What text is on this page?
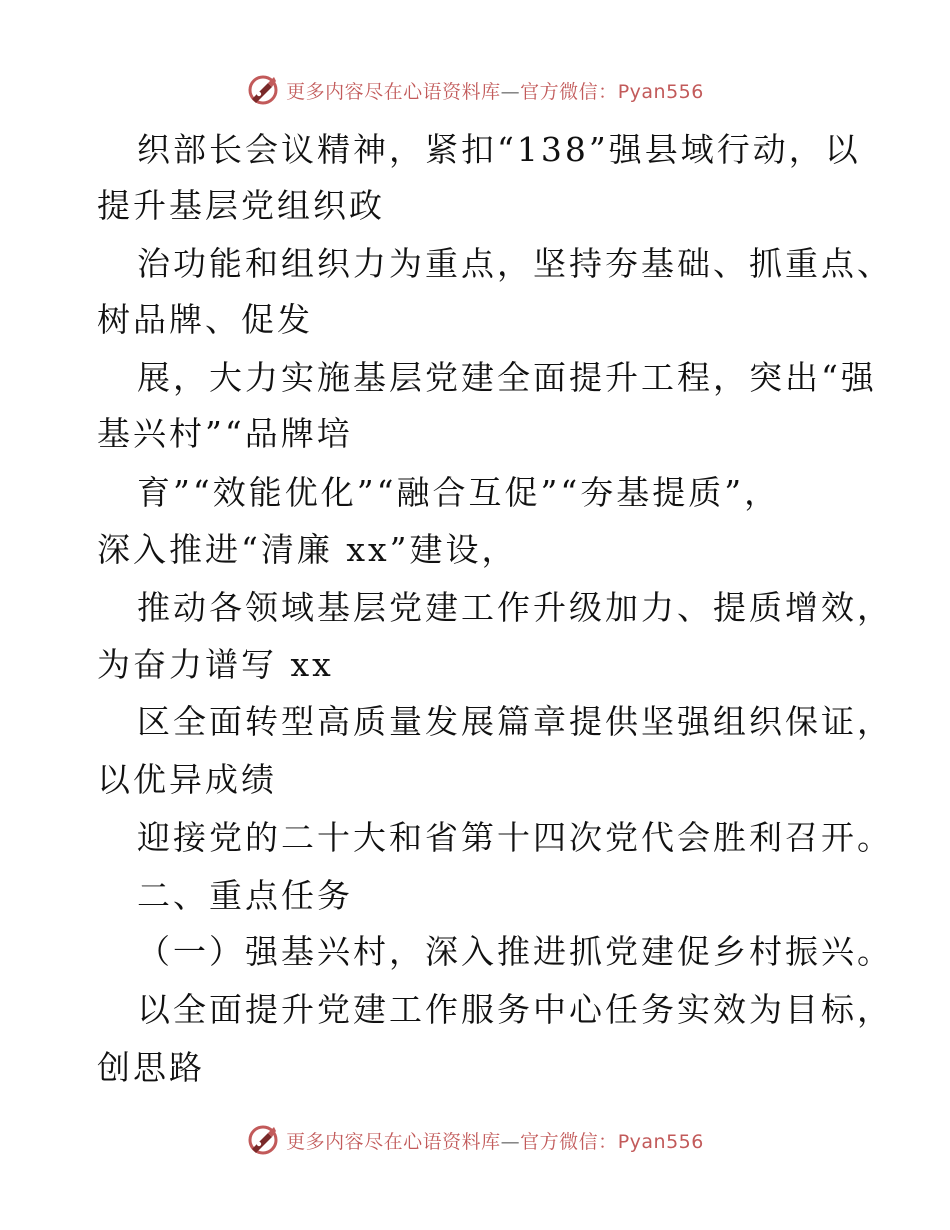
更多内容尽在心语资料库—官方微信：Pyan556
织部长会议精神，紧扣“138”强县域行动，以
提升基层党组织政
治功能和组织力为重点，坚持夯基础、抓重点、
树品牌、促发
展，大力实施基层党建全面提升工程，突出“强
基兴村”“品牌培
育”“效能优化”“融合互促”“夯基提质”，
深入推进“清廉 xx”建设，
推动各领域基层党建工作升级加力、提质增效，
为奋力谱写 xx
区全面转型高质量发展篇章提供坚强组织保证，
以优异成绩
迎接党的二十大和省第十四次党代会胜利召开。
二、重点任务
（一）强基兴村，深入推进抓党建促乡村振兴。
以全面提升党建工作服务中心任务实效为目标，
创思路
更多内容尽在心语资料库—官方微信：Pyan556
